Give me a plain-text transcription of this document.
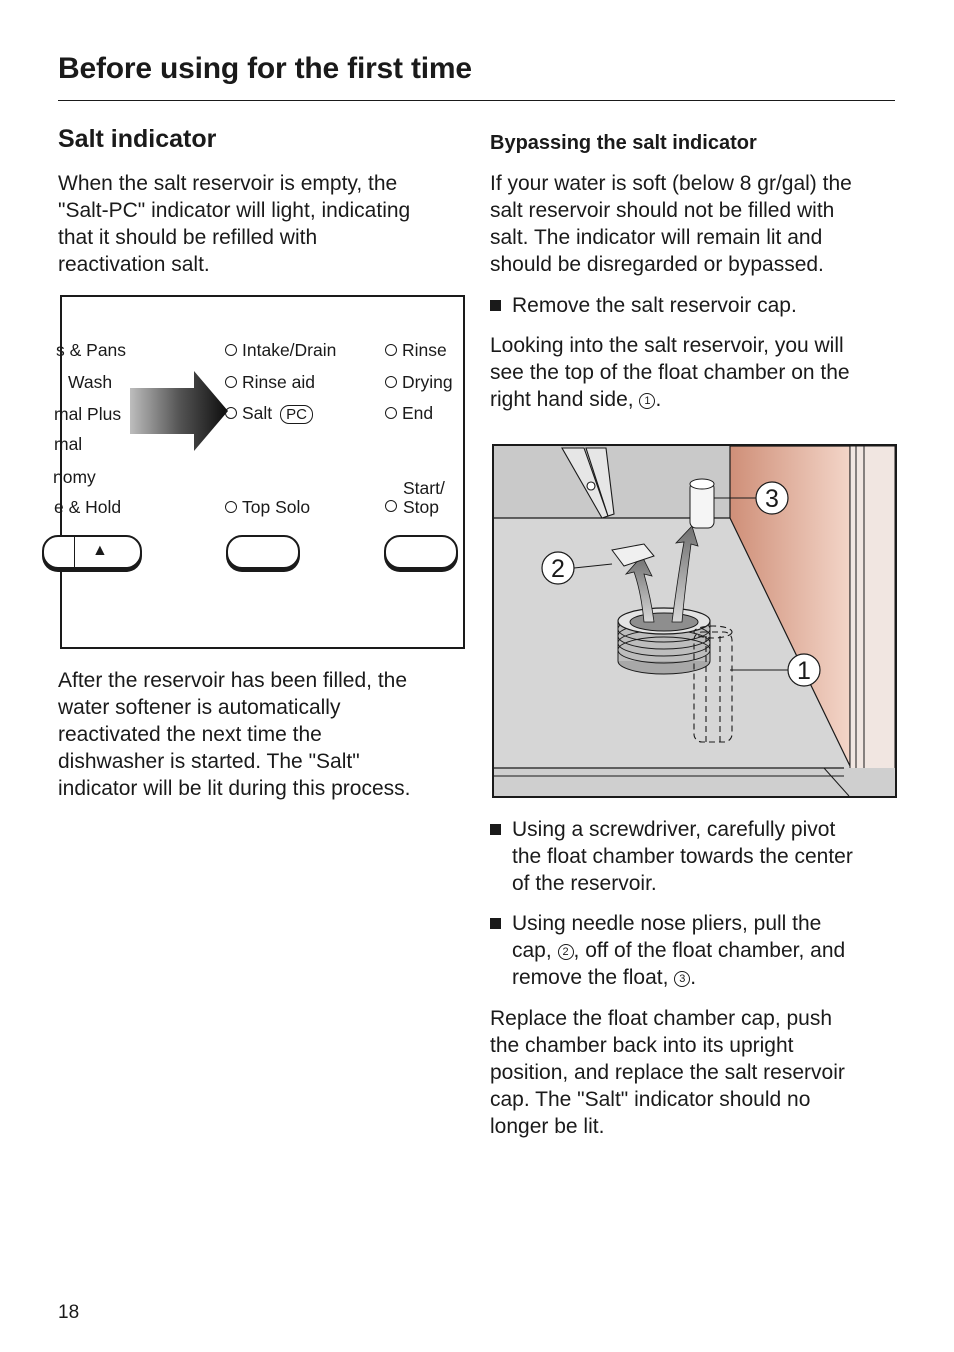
Before using for the first time
Salt indicator

When the salt reservoir is empty, the
"Salt-PC" indicator will light, indicating
that it should be refilled with
reactivation salt.

s & Pans
Wash
mal Plus
mal
nomy
e & Hold
Intake/Drain
Rinse aid
Salt PC
Top Solo
Rinse
Drying
End
Start/
Stop
▲

After the reservoir has been filled, the
water softener is automatically
reactivated the next time the
dishwasher is started. The "Salt"
indicator will be lit during this process.

Bypassing the salt indicator

If your water is soft (below 8 gr/gal) the
salt reservoir should not be filled with
salt. The indicator will remain lit and
should be disregarded or bypassed.

Remove the salt reservoir cap.

Looking into the salt reservoir, you will
see the top of the float chamber on the
right hand side, 1 .

3
2
1

Using a screwdriver, carefully pivot
the float chamber towards the center
of the reservoir.

Using needle nose pliers, pull the
cap, 2 , off of the float chamber, and
remove the float, 3 .

Replace the float chamber cap, push
the chamber back into its upright
position, and replace the salt reservoir
cap. The "Salt" indicator should no
longer be lit.

18
